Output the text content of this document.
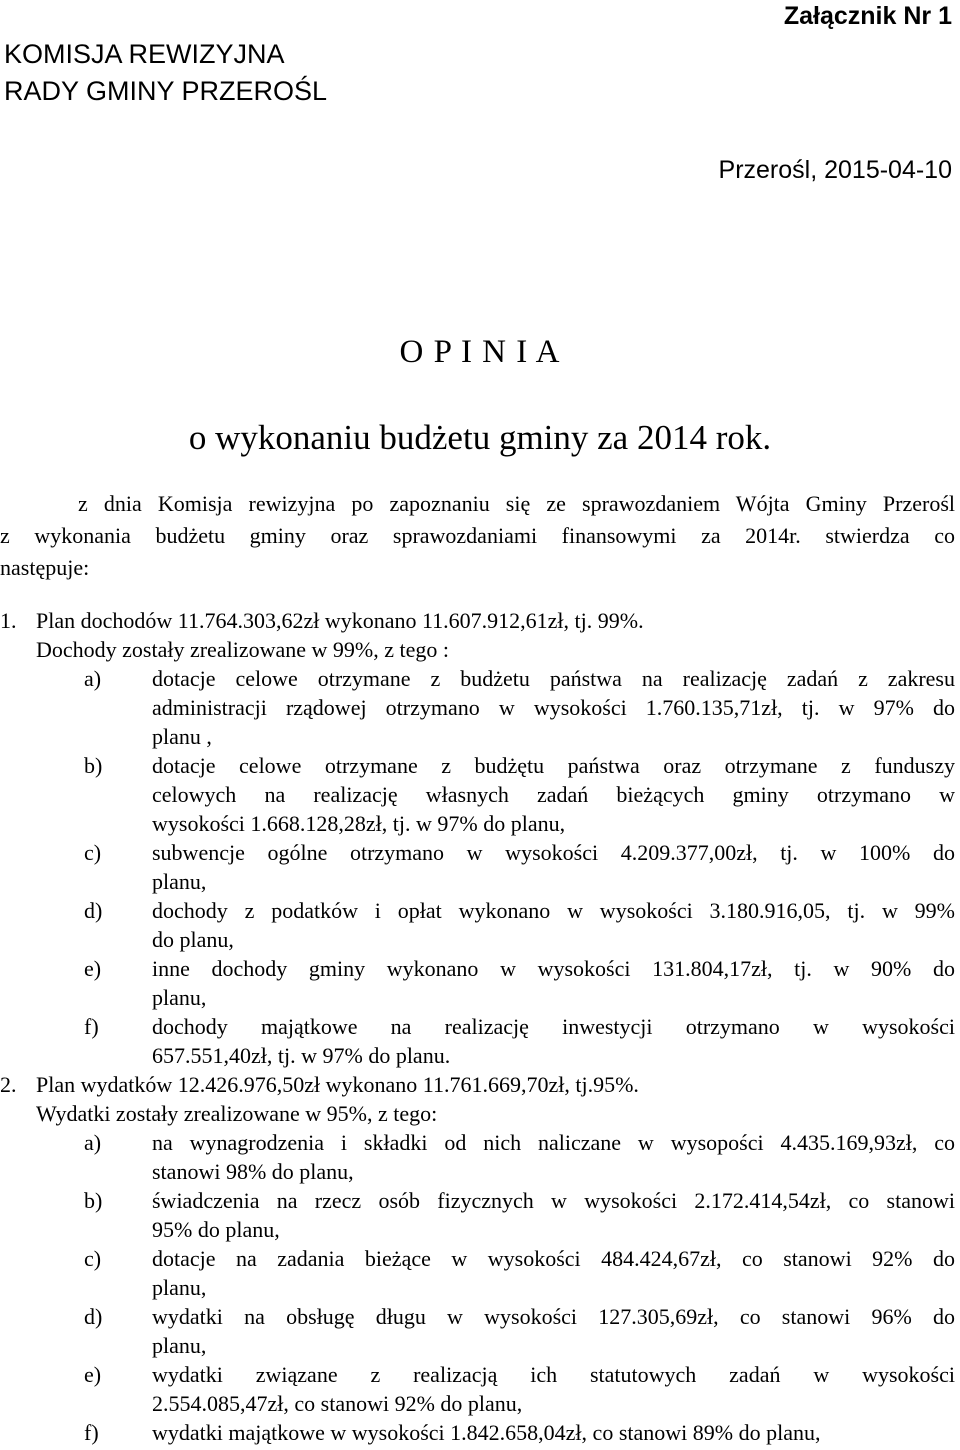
Załącznik Nr 1
KOMISJA REWIZYJNA
RADY GMINY PRZEROŚL
Przerośl, 2015-04-10
O P I N I A
o wykonaniu budżetu gminy za 2014 rok.
z dnia Komisja rewizyjna po zapoznaniu się ze sprawozdaniem Wójta Gminy Przerośl
z wykonania budżetu gminy oraz sprawozdaniami finansowymi za 2014r. stwierdza co
następuje:
1. Plan dochodów 11.764.303,62zł wykonano 11.607.912,61zł, tj. 99%.
Dochody zostały zrealizowane w 99%, z tego :
a) dotacje celowe otrzymane z budżetu państwa na realizację zadań z zakresu
administracji rządowej otrzymano w wysokości 1.760.135,71zł, tj. w 97% do
planu ,
b) dotacje celowe otrzymane z budżętu państwa oraz otrzymane z funduszy
celowych na realizację własnych zadań bieżących gminy otrzymano w
wysokości 1.668.128,28zł, tj. w 97% do planu,
c) subwencje ogólne otrzymano w wysokości 4.209.377,00zł, tj. w 100% do
planu,
d) dochody z podatków i opłat wykonano w wysokości 3.180.916,05, tj. w 99%
do planu,
e) inne dochody gminy wykonano w wysokości 131.804,17zł, tj. w 90% do
planu,
f) dochody majątkowe na realizację inwestycji otrzymano w wysokości
657.551,40zł, tj. w 97% do planu.
2. Plan wydatków 12.426.976,50zł wykonano 11.761.669,70zł, tj.95%.
Wydatki zostały zrealizowane w 95%, z tego:
a) na wynagrodzenia i składki od nich naliczane w wysopości 4.435.169,93zł, co
stanowi 98% do planu,
b) świadczenia na rzecz osób fizycznych w wysokości 2.172.414,54zł, co stanowi
95% do planu,
c) dotacje na zadania bieżące w wysokości 484.424,67zł, co stanowi 92% do
planu,
d) wydatki na obsługę długu w wysokości 127.305,69zł, co stanowi 96% do
planu,
e) wydatki związane z realizacją ich statutowych zadań w wysokości
2.554.085,47zł, co stanowi 92% do planu,
f) wydatki majątkowe w wysokości 1.842.658,04zł, co stanowi 89% do planu,
